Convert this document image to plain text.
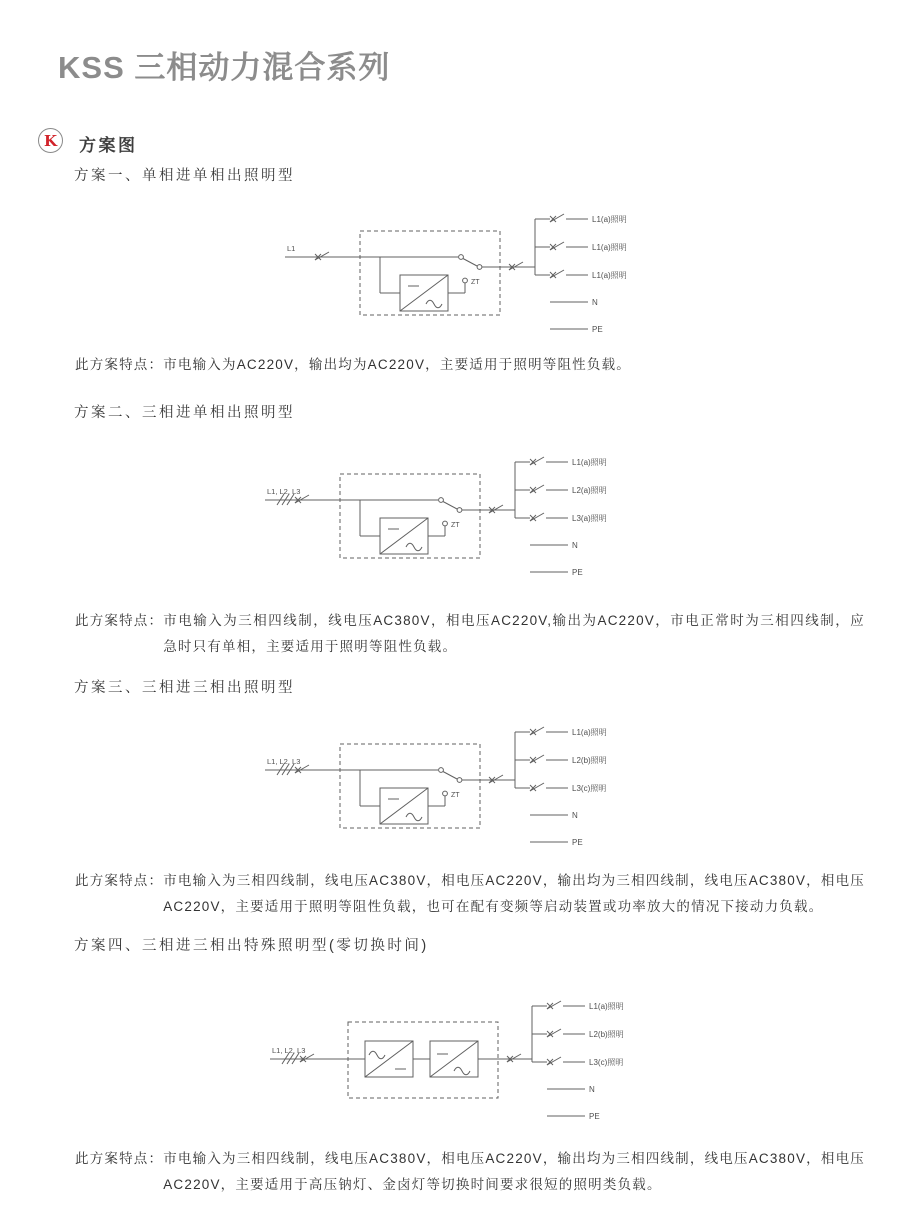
KSS 三相动力混合系列
K	方案图
方案一、单相进单相出照明型
L1
ZT
L1(a)照明
L1(a)照明
L1(a)照明
N
PE
此方案特点： 市电输入为AC220V，输出均为AC220V，主要适用于照明等阻性负载。
方案二、三相进单相出照明型
L1, L2, L3
ZT
L1(a)照明
L2(a)照明
L3(a)照明
N
PE
此方案特点： 市电输入为三相四线制，线电压AC380V，相电压AC220V,输出为AC220V，市电正常时为三相四线制，应急时只有单相，主要适用于照明等阻性负载。
方案三、三相进三相出照明型
L1, L2, L3
ZT
L1(a)照明
L2(b)照明
L3(c)照明
N
PE
此方案特点： 市电输入为三相四线制，线电压AC380V，相电压AC220V，输出均为三相四线制，线电压AC380V，相电压AC220V，主要适用于照明等阻性负载，也可在配有变频等启动装置或功率放大的情况下接动力负载。
方案四、三相进三相出特殊照明型(零切换时间)
L1, L2, L3
L1(a)照明
L2(b)照明
L3(c)照明
N
PE
此方案特点： 市电输入为三相四线制，线电压AC380V，相电压AC220V，输出均为三相四线制，线电压AC380V，相电压AC220V，主要适用于高压钠灯、金卤灯等切换时间要求很短的照明类负载。
